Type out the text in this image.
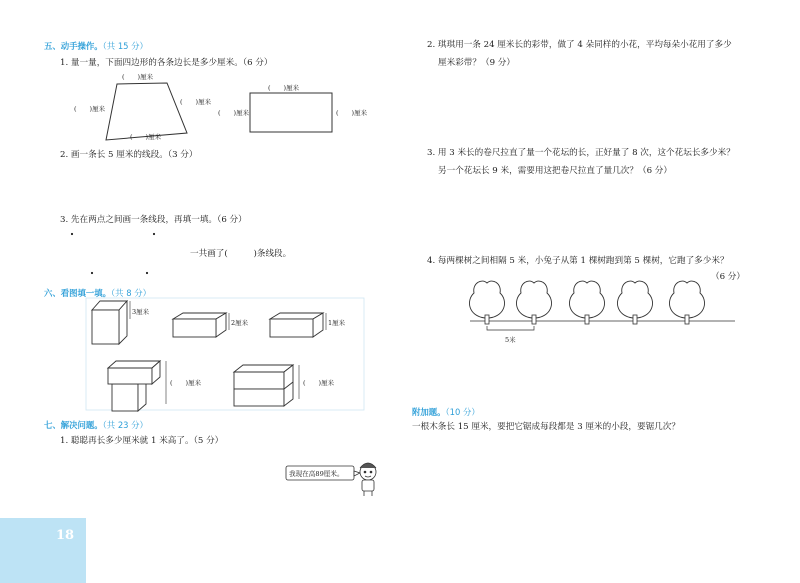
五、动手操作。（共 15 分）
1. 量一量，下面四边形的各条边长是多少厘米。（6 分）
(　　)厘米
(　　)厘米
(　　)厘米
(　　)厘米
(　　)厘米
(　　)厘米	(　　)厘米
2. 画一条长 5 厘米的线段。（3 分）
3. 先在两点之间画一条线段，再填一填。（6 分）
一共画了(　　　)条线段。
六、看图填一填。（共 8 分）
3厘米
2厘米	1厘米
(　　)厘米	(　　)厘米
七、解决问题。（共 23 分）
1. 聪聪再长多少厘米就 1 米高了。（5 分）
我现在高89厘米。
2. 琪琪用一条 24 厘米长的彩带，做了 4 朵同样的小花，平均每朵小花用了多少
厘米彩带？（9 分）
3. 用 3 米长的卷尺拉直了量一个花坛的长，正好量了 8 次，这个花坛长多少米？
另一个花坛长 9 米，需要用这把卷尺拉直了量几次？（6 分）
4. 每两棵树之间相隔 5 米，小兔子从第 1 棵树跑到第 5 棵树，它跑了多少米？
（6 分）
5米
附加题。（10 分）
一根木条长 15 厘米，要把它锯成每段都是 3 厘米的小段，要锯几次？
18
